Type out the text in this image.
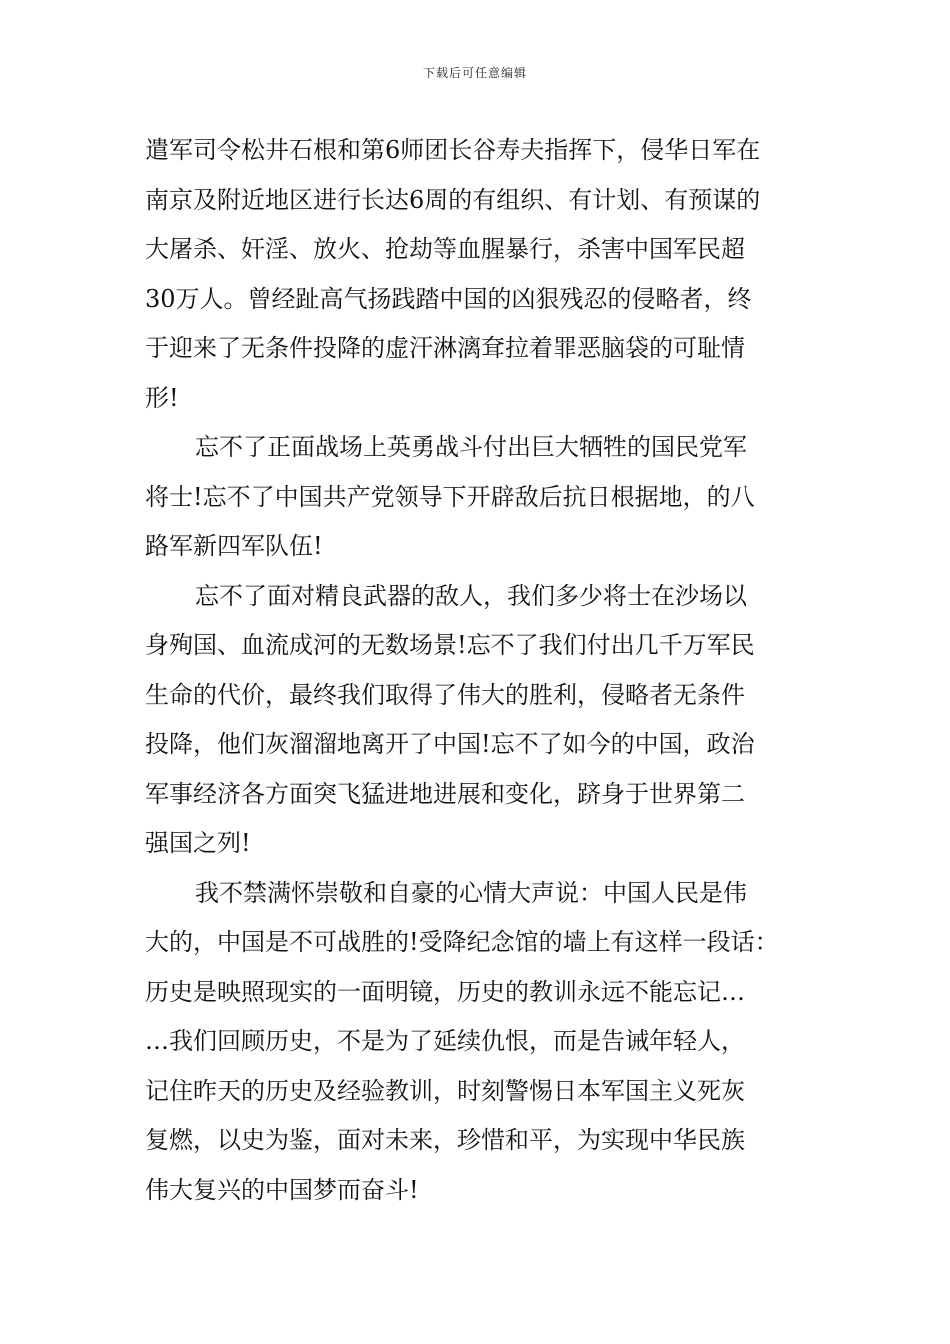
下载后可任意编辑
遣军司令松井石根和第6师团长谷寿夫指挥下，侵华日军在
南京及附近地区进行长达6周的有组织、有计划、有预谋的
大屠杀、奸淫、放火、抢劫等血腥暴行，杀害中国军民超
30万人。曾经趾高气扬践踏中国的凶狠残忍的侵略者，终
于迎来了无条件投降的虚汗淋漓耷拉着罪恶脑袋的可耻情
形!
忘不了正面战场上英勇战斗付出巨大牺牲的国民党军
将士!忘不了中国共产党领导下开辟敌后抗日根据地，的八
路军新四军队伍!
忘不了面对精良武器的敌人，我们多少将士在沙场以
身殉国、血流成河的无数场景!忘不了我们付出几千万军民
生命的代价，最终我们取得了伟大的胜利，侵略者无条件
投降，他们灰溜溜地离开了中国!忘不了如今的中国，政治
军事经济各方面突飞猛进地进展和变化，跻身于世界第二
强国之列!
我不禁满怀崇敬和自豪的心情大声说：中国人民是伟
大的，中国是不可战胜的!受降纪念馆的墙上有这样一段话：
历史是映照现实的一面明镜，历史的教训永远不能忘记…
…我们回顾历史，不是为了延续仇恨，而是告诫年轻人，
记住昨天的历史及经验教训，时刻警惕日本军国主义死灰
复燃，以史为鉴，面对未来，珍惜和平，为实现中华民族
伟大复兴的中国梦而奋斗!
